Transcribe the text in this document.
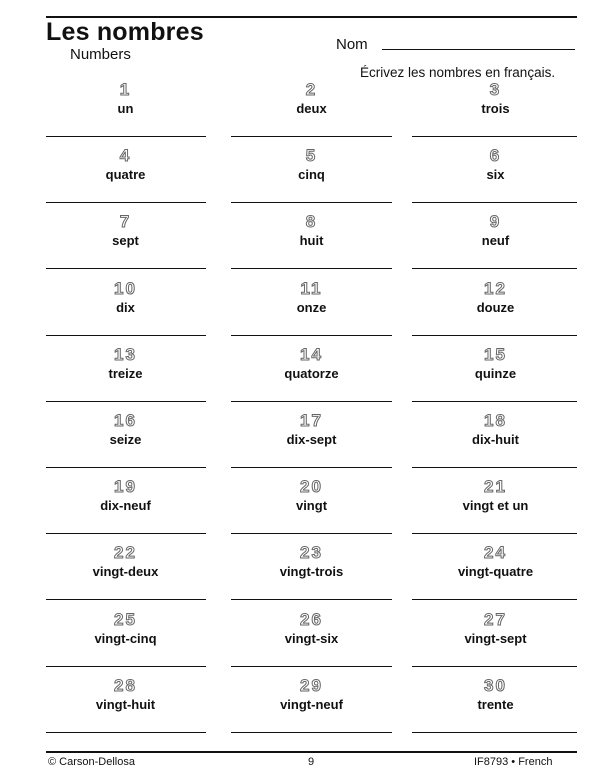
Les nombres
Numbers
Nom
Écrivez les nombres en français.
1
un
2
deux
3
trois
4
quatre
5
cinq
6
six
7
sept
8
huit
9
neuf
10
dix
11
onze
12
douze
13
treize
14
quatorze
15
quinze
16
seize
17
dix-sept
18
dix-huit
19
dix-neuf
20
vingt
21
vingt et un
22
vingt-deux
23
vingt-trois
24
vingt-quatre
25
vingt-cinq
26
vingt-six
27
vingt-sept
28
vingt-huit
29
vingt-neuf
30
trente
© Carson-Dellosa	9	IF8793 • French
